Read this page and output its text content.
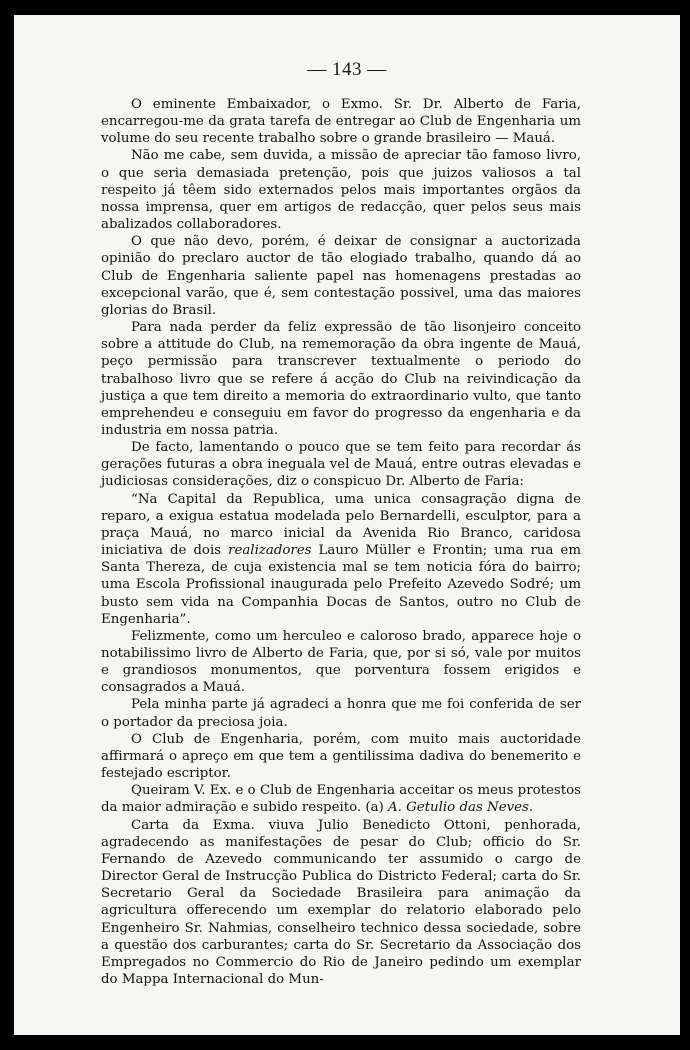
— 143 —

O eminente Embaixador, o Exmo. Sr. Dr. Alberto de Faria, encarregou-me da grata tarefa de entregar ao Club de Engenharia um volume do seu recente trabalho sobre o grande brasileiro — Mauá.

Não me cabe, sem duvida, a missão de apreciar tão famoso livro, o que seria demasiada pretenção, pois que juizos valiosos a tal respeito já têem sido externados pelos mais importantes orgãos da nossa imprensa, quer em artigos de redacção, quer pelos seus mais abalizados collaboradores.

O que não devo, porém, é deixar de consignar a auctorizada opinião do preclaro auctor de tão elogiado trabalho, quando dá ao Club de Engenharia saliente papel nas homenagens prestadas ao excepcional varão, que é, sem contestação possivel, uma das maiores glorias do Brasil.

Para nada perder da feliz expressão de tão lisonjeiro conceito sobre a attitude do Club, na rememoração da obra ingente de Mauá, peço permissão para transcrever textualmente o periodo do trabalhoso livro que se refere á acção do Club na reivindicação da justiça a que tem direito a memoria do extraordinario vulto, que tanto emprehendeu e conseguiu em favor do progresso da engenharia e da industria em nossa patria.

De facto, lamentando o pouco que se tem feito para recordar ás gerações futuras a obra ineguala vel de Mauá, entre outras elevadas e judiciosas considerações, diz o conspicuo Dr. Alberto de Faria:

“Na Capital da Republica, uma unica consagração digna de reparo, a exigua estatua modelada pelo Bernardelli, esculptor, para a praça Mauá, no marco inicial da Avenida Rio Branco, caridosa iniciativa de dois realizadores Lauro Müller e Frontin; uma rua em Santa Thereza, de cuja existencia mal se tem noticia fóra do bairro; uma Escola Profissional inaugurada pelo Prefeito Azevedo Sodré; um busto sem vida na Companhia Docas de Santos, outro no Club de Engenharia”.

Felizmente, como um herculeo e caloroso brado, apparece hoje o notabilissimo livro de Alberto de Faria, que, por si só, vale por muitos e grandiosos monumentos, que porventura fossem erigidos e consagrados a Mauá.

Pela minha parte já agradeci a honra que me foi conferida de ser o portador da preciosa joia.

O Club de Engenharia, porém, com muito mais auctoridade affirmará o apreço em que tem a gentilissima dadiva do benemerito e festejado escriptor.

Queiram V. Ex. e o Club de Engenharia acceitar os meus protestos da maior admiração e subido respeito. (a) A. Getulio das Neves.

Carta da Exma. viuva Julio Benedicto Ottoni, penhorada, agradecendo as manifestações de pesar do Club; officio do Sr. Fernando de Azevedo communicando ter assumido o cargo de Director Geral de Instrucção Publica do Districto Federal; carta do Sr. Secretario Geral da Sociedade Brasileira para animação da agricultura offerecendo um exemplar do relatorio elaborado pelo Engenheiro Sr. Nahmias, conselheiro technico dessa sociedade, sobre a questão dos carburantes; carta do Sr. Secretario da Associação dos Empregados no Commercio do Rio de Janeiro pedindo um exemplar do Mappa Internacional do Mun-
